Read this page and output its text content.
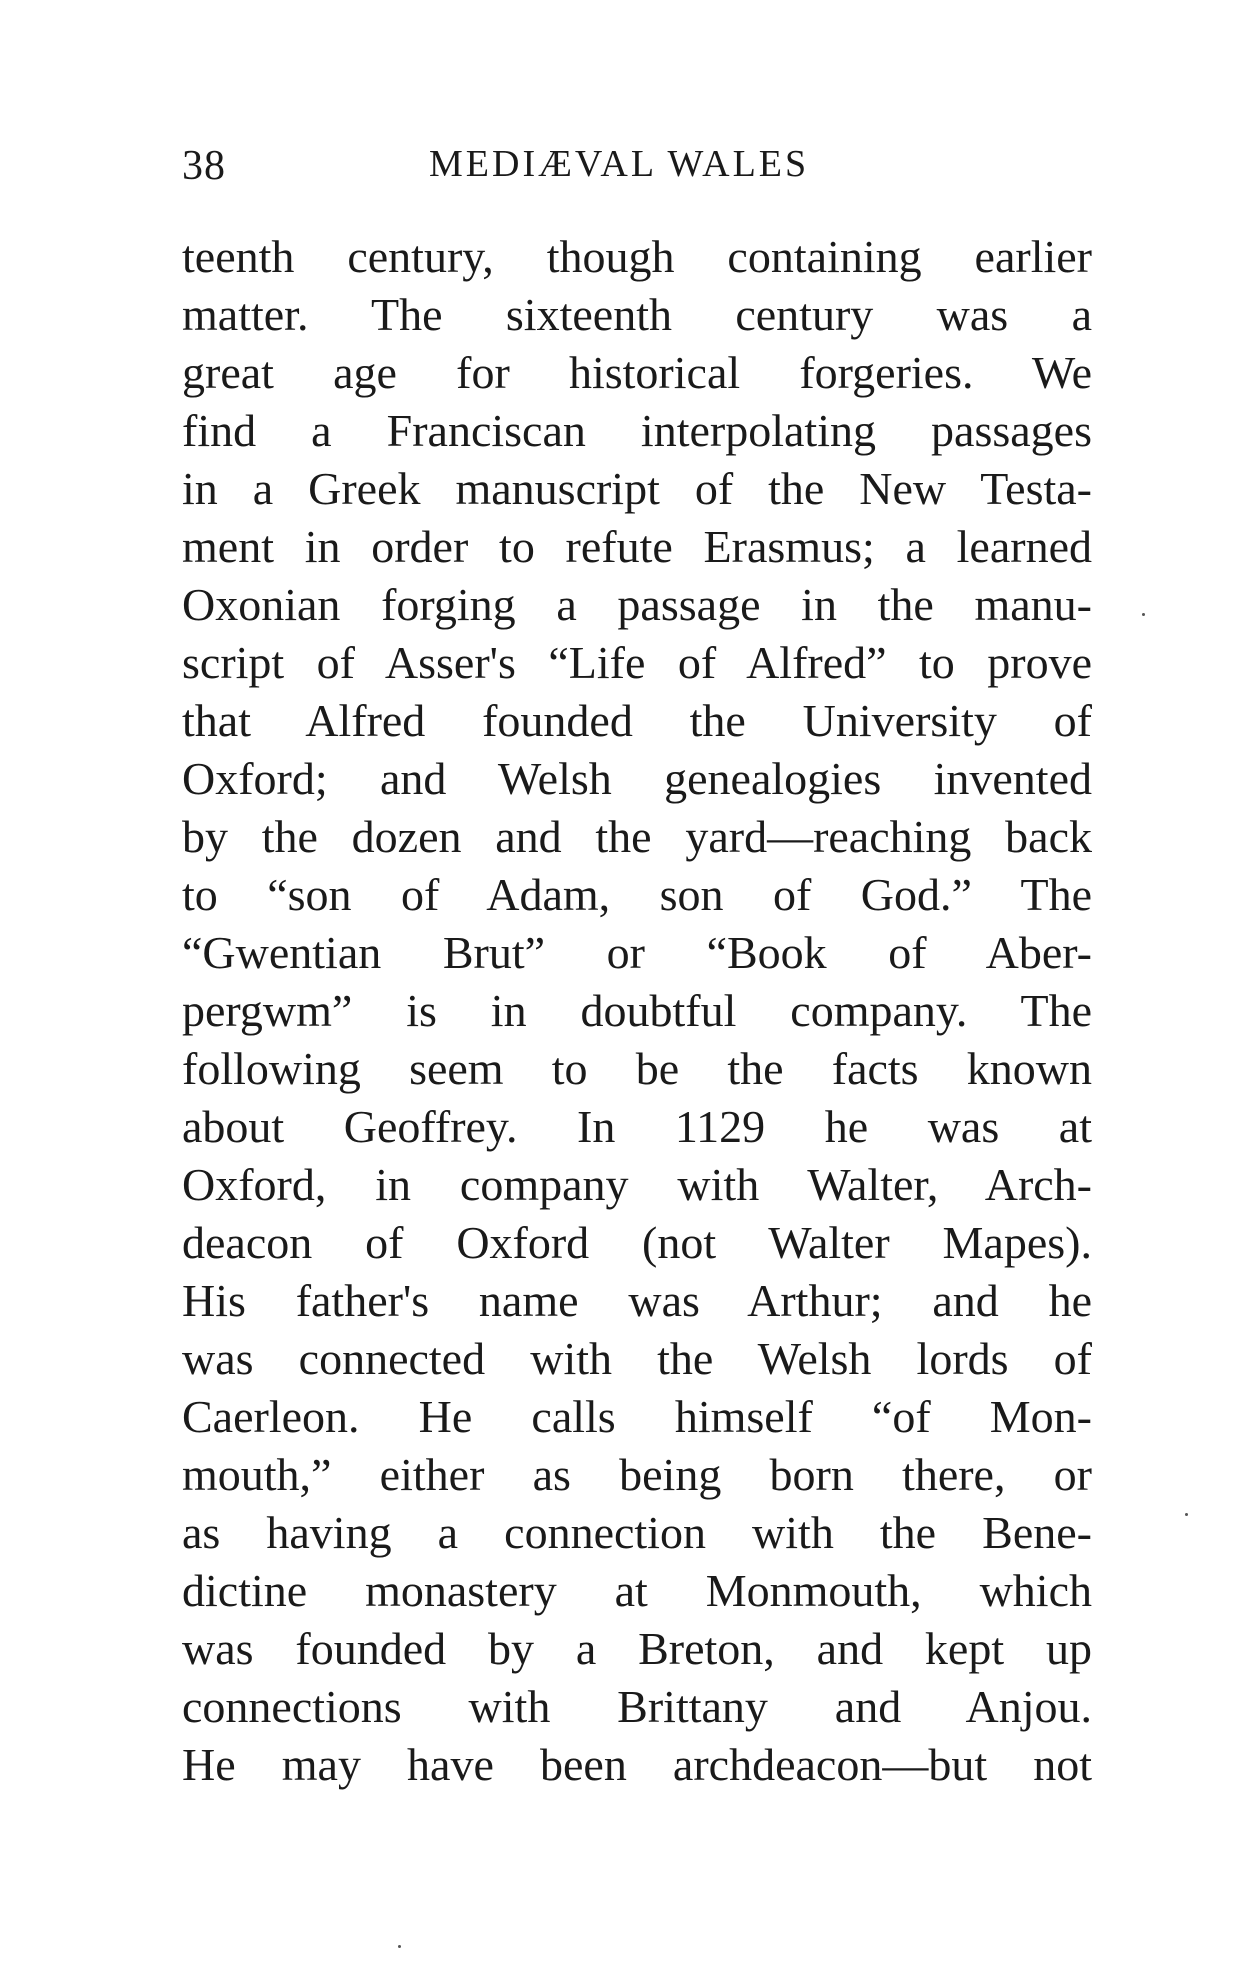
38	MEDIÆVAL WALES
teenth century, though containing earlier
matter. The sixteenth century was a
great age for historical forgeries. We
find a Franciscan interpolating passages
in a Greek manuscript of the New Testa-
ment in order to refute Erasmus; a learned
Oxonian forging a passage in the manu-
script of Asser's “Life of Alfred” to prove
that Alfred founded the University of
Oxford; and Welsh genealogies invented
by the dozen and the yard—reaching back
to “son of Adam, son of God.” The
“Gwentian Brut” or “Book of Aber-
pergwm” is in doubtful company. The
following seem to be the facts known
about Geoffrey. In 1129 he was at
Oxford, in company with Walter, Arch-
deacon of Oxford (not Walter Mapes).
His father's name was Arthur; and he
was connected with the Welsh lords of
Caerleon. He calls himself “of Mon-
mouth,” either as being born there, or
as having a connection with the Bene-
dictine monastery at Monmouth, which
was founded by a Breton, and kept up
connections with Brittany and Anjou.
He may have been archdeacon—but not
